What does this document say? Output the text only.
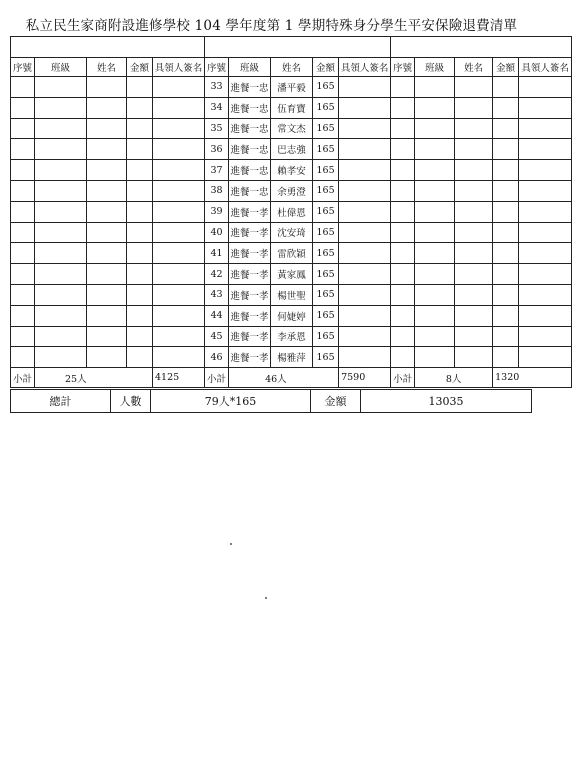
私立民生家商附設進修學校 104 學年度第 1 學期特殊身分學生平安保險退費清單

序號	班級	姓名	金額	具領人簽名	序號	班級	姓名	金額	具領人簽名	序號	班級	姓名	金額	具領人簽名
					33	進餐一忠	潘平毅	165						
					34	進餐一忠	伍育寶	165						
					35	進餐一忠	常文杰	165						
					36	進餐一忠	巴志強	165						
					37	進餐一忠	賴孝安	165						
					38	進餐一忠	余勇澄	165						
					39	進餐一孝	杜偉恩	165						
					40	進餐一孝	沈安琦	165						
					41	進餐一孝	雷欣穎	165						
					42	進餐一孝	黃家鳳	165						
					43	進餐一孝	楊世聖	165						
					44	進餐一孝	何婕婷	165						
					45	進餐一孝	李承恩	165						
					46	進餐一孝	楊雅萍	165						
小計	25人			4125	小計	46人			7590	小計	8人		1320	
總計	人數	79人*165	金額	13035
